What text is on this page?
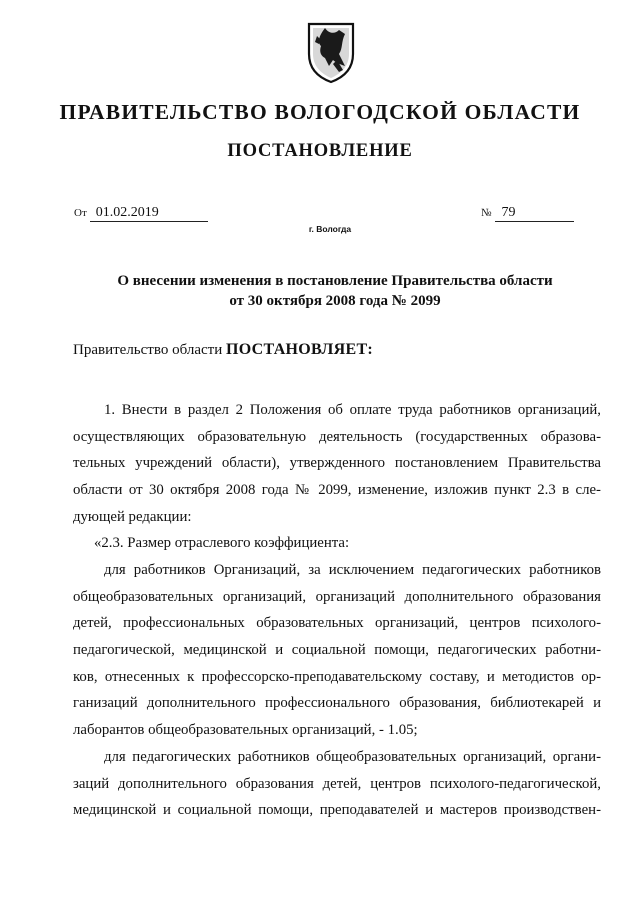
ПРАВИТЕЛЬСТВО ВОЛОГОДСКОЙ ОБЛАСТИ
ПОСТАНОВЛЕНИЕ
От 01.02.2019	№ 79
г. Вологда
О внесении изменения в постановление Правительства области
от 30 октября 2008 года № 2099
Правительство области ПОСТАНОВЛЯЕТ:
1. Внести в раздел 2 Положения об оплате труда работников организаций,
осуществляющих образовательную деятельность (государственных образова-
тельных учреждений области), утвержденного постановлением Правительства
области от 30 октября 2008 года № 2099, изменение, изложив пункт 2.3 в сле-
дующей редакции:
«2.3. Размер отраслевого коэффициента:
для работников Организаций, за исключением педагогических работников
общеобразовательных организаций, организаций дополнительного образования
детей, профессиональных образовательных организаций, центров психолого-
педагогической, медицинской и социальной помощи, педагогических работни-
ков, отнесенных к профессорско-преподавательскому составу, и методистов ор-
ганизаций дополнительного профессионального образования, библиотекарей и
лаборантов общеобразовательных организаций, - 1.05;
для педагогических работников общеобразовательных организаций, органи-
заций дополнительного образования детей, центров психолого-педагогической,
медицинской и социальной помощи, преподавателей и мастеров производствен-
